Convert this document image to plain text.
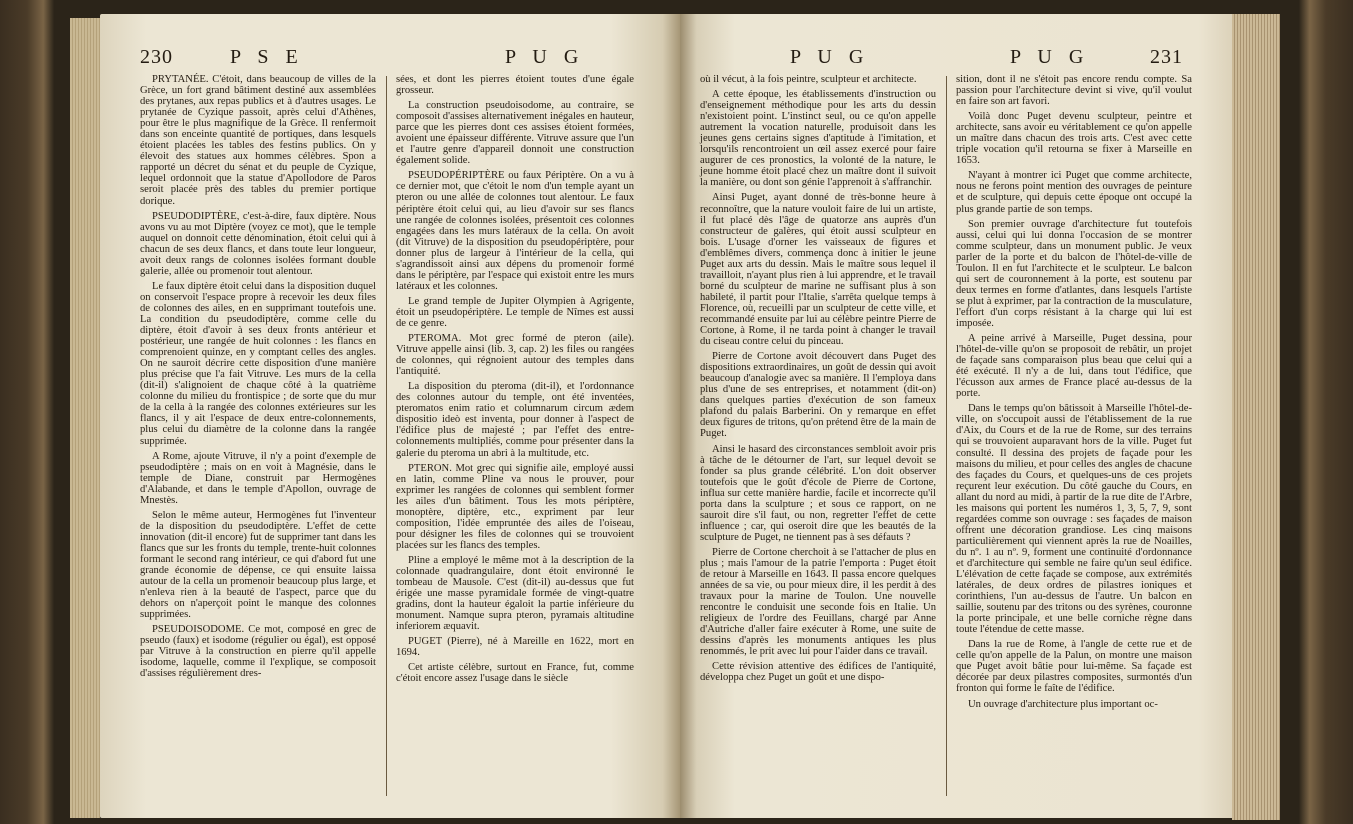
230	P S E	P U G

PRYTANÉE. C'étoit, dans beaucoup de villes de la Grèce, un fort grand bâtiment destiné aux assemblées des prytanes, aux repas publics et à d'autres usages. Le prytanée de Cyzique passoit, après celui d'Athènes, pour être le plus magnifique de la Grèce. Il renfermoit dans son enceinte quantité de portiques, dans lesquels étoient placées les tables des festins publics. On y élevoit des statues aux hommes célèbres. Spon a rapporté un décret du sénat et du peuple de Cyzique, lequel ordonnoit que la statue d'Apollodore de Paros seroit placée près des tables du premier portique dorique.

PSEUDODIPTÈRE, c'est-à-dire, faux diptère. Nous avons vu au mot Diptère (voyez ce mot), que le temple auquel on donnoit cette dénomination, étoit celui qui à chacun de ses deux flancs, et dans toute leur longueur, avoit deux rangs de colonnes isolées formant double galerie, allée ou promenoir tout alentour.

Le faux diptère étoit celui dans la disposition duquel on conservoit l'espace propre à recevoir les deux files de colonnes des ailes, en en supprimant toutefois une. La condition du pseudodiptère, comme celle du diptère, étoit d'avoir à ses deux fronts antérieur et postérieur, une rangée de huit colonnes : les flancs en comprenoient quinze, en y comptant celles des angles. On ne sauroit décrire cette disposition d'une manière plus précise que l'a fait Vitruve. Les murs de la cella (dit-il) s'alignoient de chaque côté à la quatrième colonne du milieu du frontispice ; de sorte que du mur de la cella à la rangée des colonnes extérieures sur les flancs, il y ait l'espace de deux entre-colonnements, plus celui du diamètre de la colonne dans la rangée supprimée.

A Rome, ajoute Vitruve, il n'y a point d'exemple de pseudodiptère ; mais on en voit à Magnésie, dans le temple de Diane, construit par Hermogènes d'Alabande, et dans le temple d'Apollon, ouvrage de Mnestès.

Selon le même auteur, Hermogènes fut l'inventeur de la disposition du pseudodiptère. L'effet de cette innovation (dit-il encore) fut de supprimer tant dans les flancs que sur les fronts du temple, trente-huit colonnes formant le second rang intérieur, ce qui d'abord fut une grande économie de dépense, ce qui ensuite laissa autour de la cella un promenoir beaucoup plus large, et n'enleva rien à la beauté de l'aspect, parce que du dehors on n'aperçoit point le manque des colonnes supprimées.

PSEUDOISODOME. Ce mot, composé en grec de pseudo (faux) et isodome (régulier ou égal), est opposé par Vitruve à la construction en pierre qu'il appelle isodome, laquelle, comme il l'explique, se composoit d'assises régulièrement dres-

sées, et dont les pierres étoient toutes d'une égale grosseur.

La construction pseudoisodome, au contraire, se composoit d'assises alternativement inégales en hauteur, parce que les pierres dont ces assises étoient formées, avoient une épaisseur différente. Vitruve assure que l'un et l'autre genre d'appareil donnoit une construction également solide.

PSEUDOPÉRIPTÈRE ou faux Périptère. On a vu à ce dernier mot, que c'étoit le nom d'un temple ayant un pteron ou une allée de colonnes tout alentour. Le faux périptère étoit celui qui, au lieu d'avoir sur ses flancs une rangée de colonnes isolées, présentoit ces colonnes engagées dans les murs latéraux de la cella. On avoit (dit Vitruve) de la disposition du pseudopériptère, pour donner plus de largeur à l'intérieur de la cella, qui s'agrandissoit ainsi aux dépens du promenoir formé dans le périptère, par l'espace qui existoit entre les murs latéraux et les colonnes.

Le grand temple de Jupiter Olympien à Agrigente, étoit un pseudopériptère. Le temple de Nîmes est aussi de ce genre.

PTEROMA. Mot grec formé de pteron (aile). Vitruve appelle ainsi (lib. 3, cap. 2) les files ou rangées de colonnes, qui régnoient autour des temples dans l'antiquité.

La disposition du pteroma (dit-il), et l'ordonnance des colonnes autour du temple, ont été inventées, pteromatos enim ratio et columnarum circum ædem dispositio ideò est inventa, pour donner à l'aspect de l'édifice plus de majesté ; par l'effet des entre-colonnements multipliés, comme pour présenter dans la galerie du pteroma un abri à la multitude, etc.

PTERON. Mot grec qui signifie aile, employé aussi en latin, comme Pline va nous le prouver, pour exprimer les rangées de colonnes qui semblent former les ailes d'un bâtiment. Tous les mots périptère, monoptère, diptère, etc., expriment par leur composition, l'idée empruntée des ailes de l'oiseau, pour désigner les files de colonnes qui se trouvoient placées sur les flancs des temples.

Pline a employé le même mot à la description de la colonnade quadrangulaire, dont étoit environné le tombeau de Mausole. C'est (dit-il) au-dessus que fut érigée une masse pyramidale formée de vingt-quatre gradins, dont la hauteur égaloit la partie inférieure du monument. Namque supra pteron, pyramais altitudine inferiorem æquavit.

PUGET (Pierre), né à Mareille en 1622, mort en 1694.

Cet artiste célèbre, surtout en France, fut, comme c'étoit encore assez l'usage dans le siècle

P U G	P U G	231

où il vécut, à la fois peintre, sculpteur et architecte.

A cette époque, les établissements d'instruction ou d'enseignement méthodique pour les arts du dessin n'existoient point. L'instinct seul, ou ce qu'on appelle autrement la vocation naturelle, produisoit dans les jeunes gens certains signes d'aptitude à l'imitation, et lorsqu'ils rencontroient un œil assez exercé pour faire augurer de ces pronostics, la volonté de la nature, le jeune homme étoit placé chez un maître dont il suivoit la manière, ou dont son génie l'apprenoit à s'affranchir.

Ainsi Puget, ayant donné de très-bonne heure à reconnoître, que la nature vouloit faire de lui un artiste, il fut placé dès l'âge de quatorze ans auprès d'un constructeur de galères, qui étoit aussi sculpteur en bois. L'usage d'orner les vaisseaux de figures et d'emblêmes divers, commença donc à initier le jeune Puget aux arts du dessin. Mais le maître sous lequel il travailloit, n'ayant plus rien à lui apprendre, et le travail borné du sculpteur de marine ne suffisant plus à son habileté, il partit pour l'Italie, s'arrêta quelque temps à Florence, où, recueilli par un sculpteur de cette ville, et recommandé ensuite par lui au célèbre peintre Pierre de Cortone, à Rome, il ne tarda point à changer le travail du ciseau contre celui du pinceau.

Pierre de Cortone avoit découvert dans Puget des dispositions extraordinaires, un goût de dessin qui avoit beaucoup d'analogie avec sa manière. Il l'employa dans plus d'une de ses entreprises, et notamment (dit-on) dans quelques parties d'exécution de son fameux plafond du palais Barberini. On y remarque en effet deux figures de tritons, qu'on prétend être de la main de Puget.

Ainsi le hasard des circonstances sembloit avoir pris à tâche de le détourner de l'art, sur lequel devoit se fonder sa plus grande célébrité. L'on doit observer toutefois que le goût d'école de Pierre de Cortone, influa sur cette manière hardie, facile et incorrecte qu'il porta dans la sculpture ; et sous ce rapport, on ne sauroit dire s'il faut, ou non, regretter l'effet de cette influence ; car, qui oseroit dire que les beautés de la sculpture de Puget, ne tiennent pas à ses défauts ?

Pierre de Cortone cherchoit à se l'attacher de plus en plus ; mais l'amour de la patrie l'emporta : Puget étoit de retour à Marseille en 1643. Il passa encore quelques années de sa vie, ou pour mieux dire, il les perdit à des travaux pour la marine de Toulon. Une nouvelle rencontre le conduisit une seconde fois en Italie. Un religieux de l'ordre des Feuillans, chargé par Anne d'Autriche d'aller faire exécuter à Rome, une suite de dessins d'après les monuments antiques les plus renommés, le prit avec lui pour l'aider dans ce travail.

Cette révision attentive des édifices de l'antiquité, développa chez Puget un goût et une dispo-

sition, dont il ne s'étoit pas encore rendu compte. Sa passion pour l'architecture devint si vive, qu'il voulut en faire son art favori.

Voilà donc Puget devenu sculpteur, peintre et architecte, sans avoir eu véritablement ce qu'on appelle un maître dans chacun des trois arts. C'est avec cette triple vocation qu'il retourna se fixer à Marseille en 1653.

N'ayant à montrer ici Puget que comme architecte, nous ne ferons point mention des ouvrages de peinture et de sculpture, qui depuis cette époque ont occupé la plus grande partie de son temps.

Son premier ouvrage d'architecture fut toutefois aussi, celui qui lui donna l'occasion de se montrer comme sculpteur, dans un monument public. Je veux parler de la porte et du balcon de l'hôtel-de-ville de Toulon. Il en fut l'architecte et le sculpteur. Le balcon qui sert de couronnement à la porte, est soutenu par deux termes en forme d'atlantes, dans lesquels l'artiste se plut à exprimer, par la contraction de la musculature, l'effort d'un corps résistant à la charge qui lui est imposée.

A peine arrivé à Marseille, Puget dessina, pour l'hôtel-de-ville qu'on se proposoit de rebâtir, un projet de façade sans comparaison plus beau que celui qui a été exécuté. Il n'y a de lui, dans tout l'édifice, que l'écusson aux armes de France placé au-dessus de la porte.

Dans le temps qu'on bâtissoit à Marseille l'hôtel-de-ville, on s'occupoit aussi de l'établissement de la rue d'Aix, du Cours et de la rue de Rome, sur des terrains qui se trouvoient auparavant hors de la ville. Puget fut consulté. Il dessina des projets de façade pour les maisons du milieu, et pour celles des angles de chacune des façades du Cours, et quelques-uns de ces projets reçurent leur exécution. Du côté gauche du Cours, en allant du nord au midi, à partir de la rue dite de l'Arbre, les maisons qui portent les numéros 1, 3, 5, 7, 9, sont regardées comme son ouvrage : ses façades de maison offrent une décoration grandiose. Les cinq maisons particulièrement qui viennent après la rue de Noailles, du nº. 1 au nº. 9, forment une continuité d'ordonnance et d'architecture qui semble ne faire qu'un seul édifice. L'élévation de cette façade se compose, aux extrémités latérales, de deux ordres de pilastres ioniques et corinthiens, l'un au-dessus de l'autre. Un balcon en saillie, soutenu par des tritons ou des syrènes, couronne la porte principale, et une belle corniche règne dans toute l'étendue de cette masse.

Dans la rue de Rome, à l'angle de cette rue et de celle qu'on appelle de la Palun, on montre une maison que Puget avoit bâtie pour lui-même. Sa façade est décorée par deux pilastres composites, surmontés d'un fronton qui forme le faîte de l'édifice.

Un ouvrage d'architecture plus important oc-
